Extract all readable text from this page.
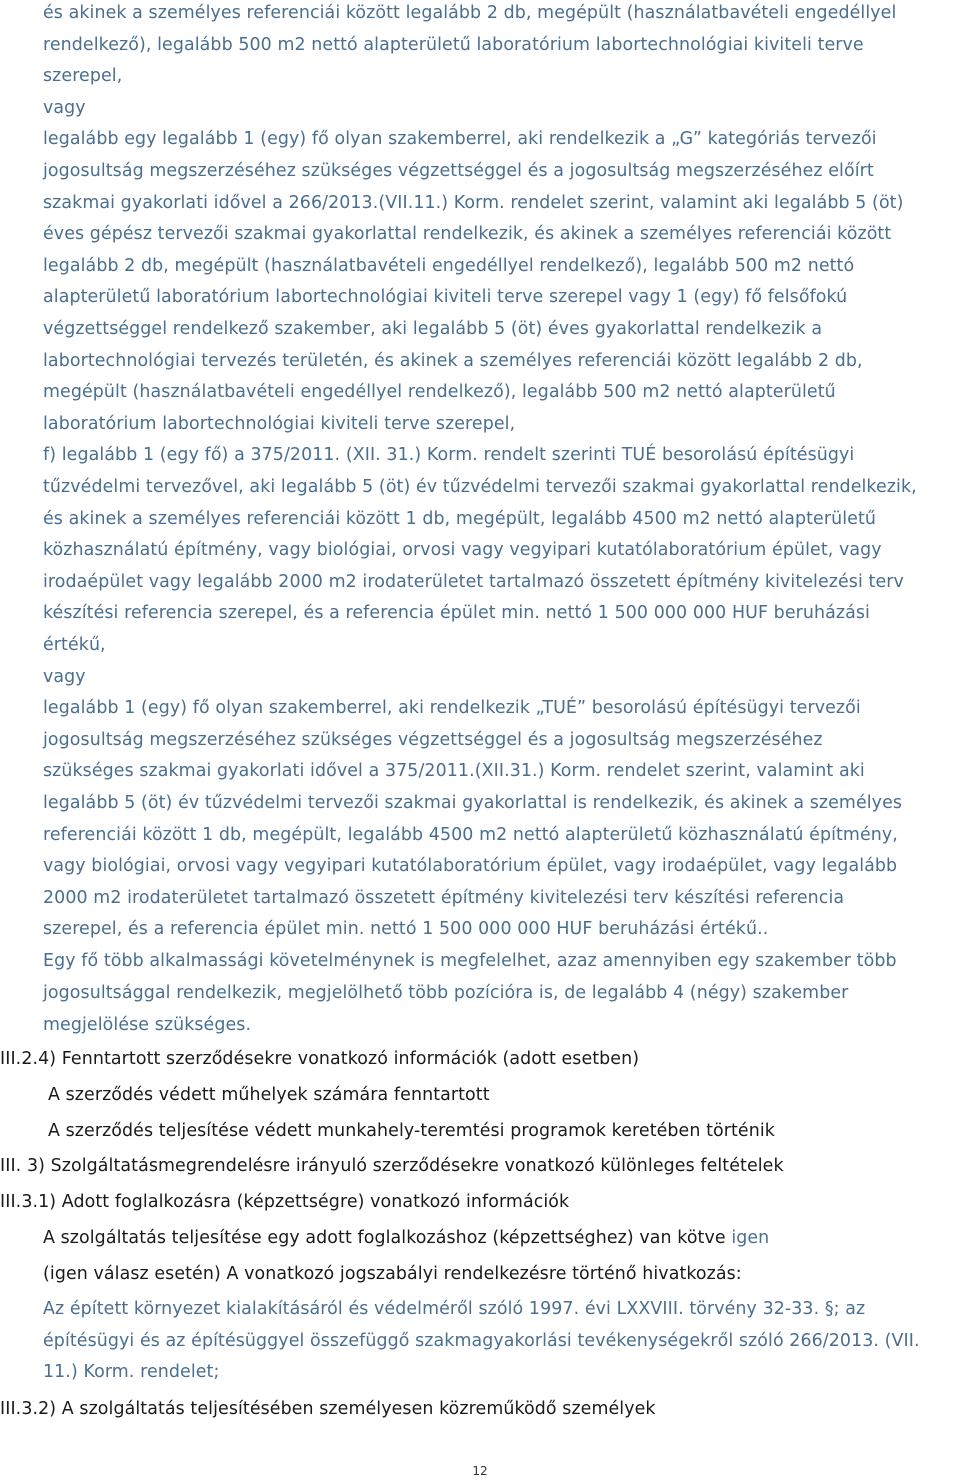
és akinek a személyes referenciái között legalább 2 db, megépült (használatbavételi engedéllyel
rendelkező), legalább 500 m2 nettó alapterületű laboratórium labortechnológiai kiviteli terve
szerepel,
vagy
legalább egy legalább 1 (egy) fő olyan szakemberrel, aki rendelkezik a „G” kategóriás tervezői
jogosultság megszerzéséhez szükséges végzettséggel és a jogosultság megszerzéséhez előírt
szakmai gyakorlati idővel a 266/2013.(VII.11.) Korm. rendelet szerint, valamint aki legalább 5 (öt)
éves gépész tervezői szakmai gyakorlattal rendelkezik, és akinek a személyes referenciái között
legalább 2 db, megépült (használatbavételi engedéllyel rendelkező), legalább 500 m2 nettó
alapterületű laboratórium labortechnológiai kiviteli terve szerepel vagy 1 (egy) fő felsőfokú
végzettséggel rendelkező szakember, aki legalább 5 (öt) éves gyakorlattal rendelkezik a
labortechnológiai tervezés területén, és akinek a személyes referenciái között legalább 2 db,
megépült (használatbavételi engedéllyel rendelkező), legalább 500 m2 nettó alapterületű
laboratórium labortechnológiai kiviteli terve szerepel,
f) legalább 1 (egy fő) a 375/2011. (XII. 31.) Korm. rendelt szerinti TUÉ besorolású építésügyi
tűzvédelmi tervezővel, aki legalább 5 (öt) év tűzvédelmi tervezői szakmai gyakorlattal rendelkezik,
és akinek a személyes referenciái között 1 db, megépült, legalább 4500 m2 nettó alapterületű
közhasználatú építmény, vagy biológiai, orvosi vagy vegyipari kutatólaboratórium épület, vagy
irodaépület vagy legalább 2000 m2 irodaterületet tartalmazó összetett építmény kivitelezési terv
készítési referencia szerepel, és a referencia épület min. nettó 1 500 000 000 HUF beruházási
értékű,
vagy
legalább 1 (egy) fő olyan szakemberrel, aki rendelkezik „TUÉ” besorolású építésügyi tervezői
jogosultság megszerzéséhez szükséges végzettséggel és a jogosultság megszerzéséhez
szükséges szakmai gyakorlati idővel a 375/2011.(XII.31.) Korm. rendelet szerint, valamint aki
legalább 5 (öt) év tűzvédelmi tervezői szakmai gyakorlattal is rendelkezik, és akinek a személyes
referenciái között 1 db, megépült, legalább 4500 m2 nettó alapterületű közhasználatú építmény,
vagy biológiai, orvosi vagy vegyipari kutatólaboratórium épület, vagy irodaépület, vagy legalább
2000 m2 irodaterületet tartalmazó összetett építmény kivitelezési terv készítési referencia
szerepel, és a referencia épület min. nettó 1 500 000 000 HUF beruházási értékű..
Egy fő több alkalmassági követelménynek is megfelelhet, azaz amennyiben egy szakember több
jogosultsággal rendelkezik, megjelölhető több pozícióra is, de legalább 4 (négy) szakember
megjelölése szükséges.
III.2.4) Fenntartott szerződésekre vonatkozó információk (adott esetben)
A szerződés védett műhelyek számára fenntartott
A szerződés teljesítése védett munkahely-teremtési programok keretében történik
III. 3) Szolgáltatásmegrendelésre irányuló szerződésekre vonatkozó különleges feltételek
III.3.1) Adott foglalkozásra (képzettségre) vonatkozó információk
A szolgáltatás teljesítése egy adott foglalkozáshoz (képzettséghez) van kötve igen
(igen válasz esetén) A vonatkozó jogszabályi rendelkezésre történő hivatkozás:
Az épített környezet kialakításáról és védelméről szóló 1997. évi LXXVIII. törvény 32-33. §; az
építésügyi és az építésüggyel összefüggő szakmagyakorlási tevékenységekről szóló 266/2013. (VII.
11.) Korm. rendelet;
III.3.2) A szolgáltatás teljesítésében személyesen közreműködő személyek
12
